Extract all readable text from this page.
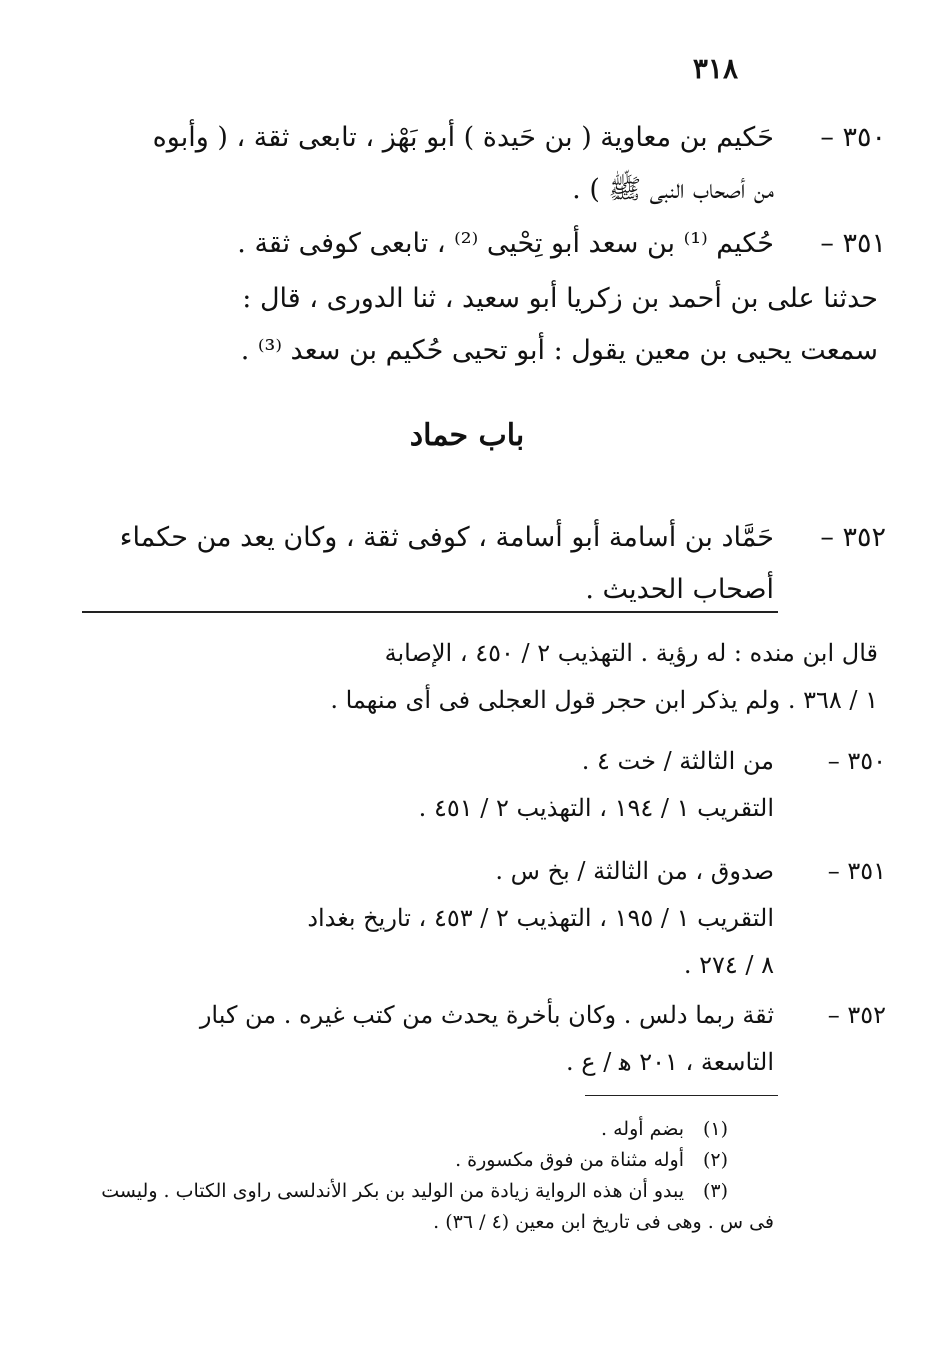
٣١٨
٣٥٠ –
حَكيم بن معاوية ( بن حَيدة ) أبو بَهْز ، تابعى ثقة ، ( وأبوه
من أصحاب النبى ﷺ ) .
٣٥١ –
حُكيم ⁽¹⁾ بن سعد أبو تِحْيى ⁽²⁾ ، تابعى كوفى ثقة .
حدثنا على بن أحمد بن زكريا أبو سعيد ، ثنا الدورى ، قال :
سمعت يحيى بن معين يقول : أبو تحيى حُكيم بن سعد ⁽³⁾ .
باب حماد
٣٥٢ –
حَمَّاد بن أسامة أبو أسامة ، كوفى ثقة ، وكان يعد من حكماء
أصحاب الحديث .
قال ابن منده : له رؤية . التهذيب ٢ / ٤٥٠ ، الإصابة
١ / ٣٦٨ . ولم يذكر ابن حجر قول العجلى فى أى منهما .
٣٥٠ –
من الثالثة / خت ٤ .
التقريب ١ / ١٩٤ ، التهذيب ٢ / ٤٥١ .
٣٥١ –
صدوق ، من الثالثة / بخ س .
التقريب ١ / ١٩٥ ، التهذيب ٢ / ٤٥٣ ، تاريخ بغداد
٨ / ٢٧٤ .
٣٥٢ –
ثقة ربما دلس . وكان بأخرة يحدث من كتب غيره . من كبار
التاسعة ، ٢٠١ ﻫ / ع .
(١)بضم أوله .
(٢)أوله مثناة من فوق مكسورة .
(٣)يبدو أن هذه الرواية زيادة من الوليد بن بكر الأندلسى راوى الكتاب . وليست
فى س . وهى فى تاريخ ابن معين (٤ / ٣٦) .
